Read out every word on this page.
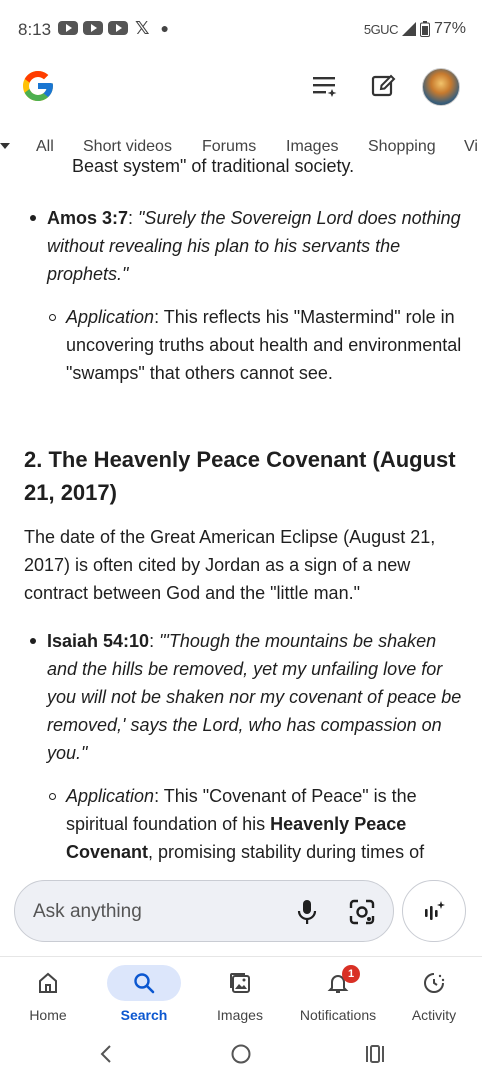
8:13	𝕏 ●	5GUC 77%
All Short videos Forums Images Shopping Vi
Beast system" of traditional society.

Amos 3:7: "Surely the Sovereign Lord does nothing without revealing his plan to his servants the prophets."

Application: This reflects his "Mastermind" role in uncovering truths about health and environmental "swamps" that others cannot see.

2. The Heavenly Peace Covenant (August 21, 2017)

The date of the Great American Eclipse (August 21, 2017) is often cited by Jordan as a sign of a new contract between God and the "little man."

Isaiah 54:10: "'Though the mountains be shaken and the hills be removed, yet my unfailing love for you will not be shaken nor my covenant of peace be removed,' says the Lord, who has compassion on you."

Application: This "Covenant of Peace" is the spiritual foundation of his Heavenly Peace Covenant, promising stability during times of

Ask anything
Home	Search	Images
1
Notifications	Activity
